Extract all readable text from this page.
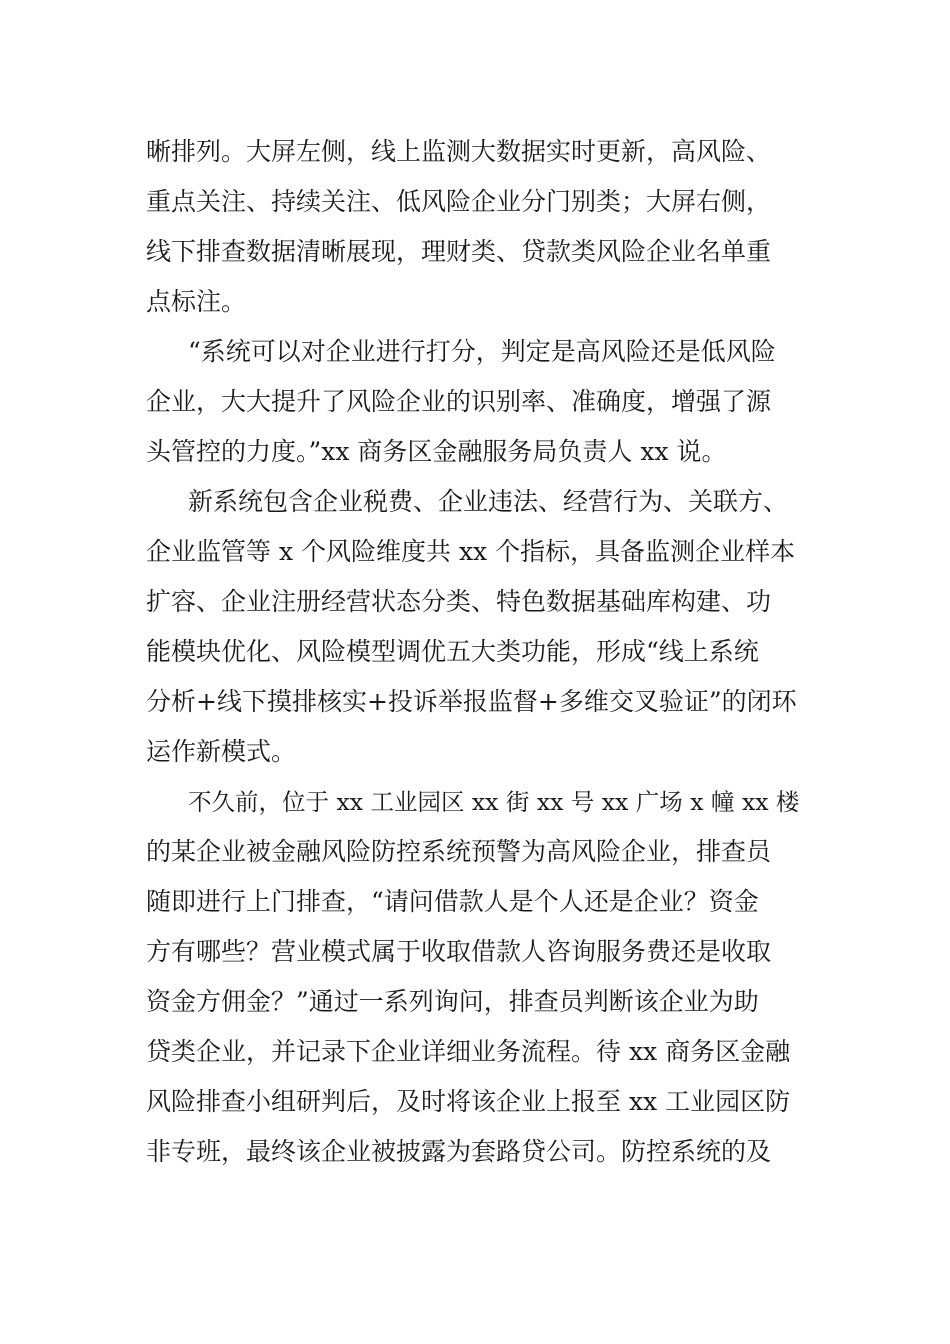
晰排列。大屏左侧，线上监测大数据实时更新，高风险、
重点关注、持续关注、低风险企业分门别类；大屏右侧，
线下排查数据清晰展现，理财类、贷款类风险企业名单重
点标注。
“系统可以对企业进行打分，判定是高风险还是低风险
企业，大大提升了风险企业的识别率、准确度，增强了源
头管控的力度。”xx 商务区金融服务局负责人 xx 说。
新系统包含企业税费、企业违法、经营行为、关联方、
企业监管等 x 个风险维度共 xx 个指标，具备监测企业样本
扩容、企业注册经营状态分类、特色数据基础库构建、功
能模块优化、风险模型调优五大类功能，形成“线上系统
分析+线下摸排核实+投诉举报监督+多维交叉验证”的闭环
运作新模式。
不久前，位于 xx 工业园区 xx 街 xx 号 xx 广场 x 幢 xx 楼
的某企业被金融风险防控系统预警为高风险企业，排查员
随即进行上门排查，“请问借款人是个人还是企业？资金
方有哪些？营业模式属于收取借款人咨询服务费还是收取
资金方佣金？”通过一系列询问，排查员判断该企业为助
贷类企业，并记录下企业详细业务流程。待 xx 商务区金融
风险排查小组研判后，及时将该企业上报至 xx 工业园区防
非专班，最终该企业被披露为套路贷公司。防控系统的及
